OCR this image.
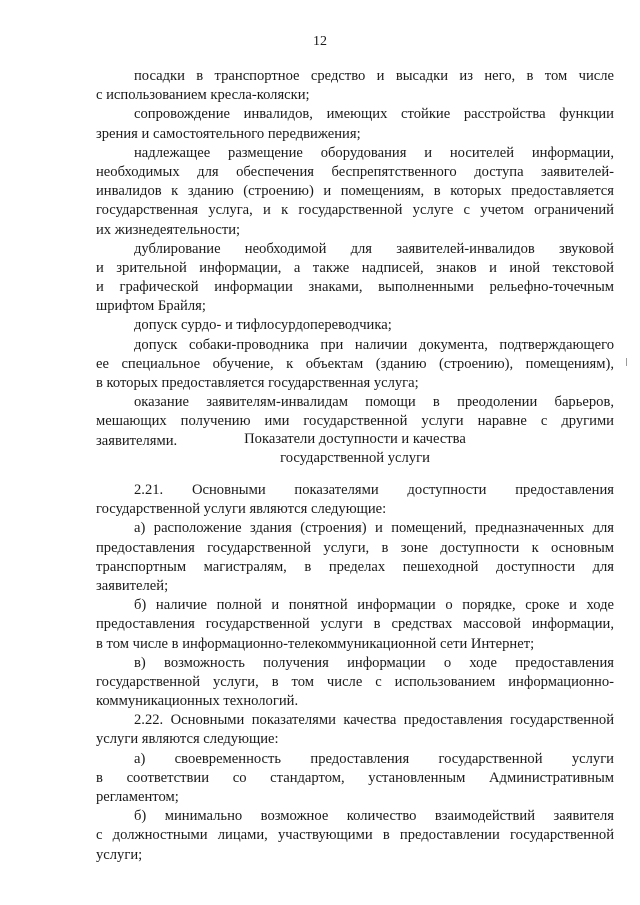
12
посадки в транспортное средство и высадки из него, в том числе
с использованием кресла-коляски;
сопровождение инвалидов, имеющих стойкие расстройства функции
зрения и самостоятельного передвижения;
надлежащее размещение оборудования и носителей информации,
необходимых для обеспечения беспрепятственного доступа заявителей-
инвалидов к зданию (строению) и помещениям, в которых предоставляется
государственная услуга, и к государственной услуге с учетом ограничений
их жизнедеятельности;
дублирование необходимой для заявителей-инвалидов звуковой
и зрительной информации, а также надписей, знаков и иной текстовой
и графической информации знаками, выполненными рельефно-точечным
шрифтом Брайля;
допуск сурдо- и тифлосурдопереводчика;
допуск собаки-проводника при наличии документа, подтверждающего
ее специальное обучение, к объектам (зданию (строению), помещениям),
в которых предоставляется государственная услуга;
оказание заявителям-инвалидам помощи в преодолении барьеров,
мешающих получению ими государственной услуги наравне с другими
заявителями.	Показатели доступности и качества
государственной услуги
2.21. Основными показателями доступности предоставления
государственной услуги являются следующие:
а) расположение здания (строения) и помещений, предназначенных для
предоставления государственной услуги, в зоне доступности к основным
транспортным магистралям, в пределах пешеходной доступности для
заявителей;
б) наличие полной и понятной информации о порядке, сроке и ходе
предоставления государственной услуги в средствах массовой информации,
в том числе в информационно-телекоммуникационной сети Интернет;
в) возможность получения информации о ходе предоставления
государственной услуги, в том числе с использованием информационно-
коммуникационных технологий.
2.22. Основными показателями качества предоставления государственной
услуги являются следующие:
а) своевременность предоставления государственной услуги
в соответствии со стандартом, установленным Административным
регламентом;
б) минимально возможное количество взаимодействий заявителя
с должностными лицами, участвующими в предоставлении государственной
услуги;
